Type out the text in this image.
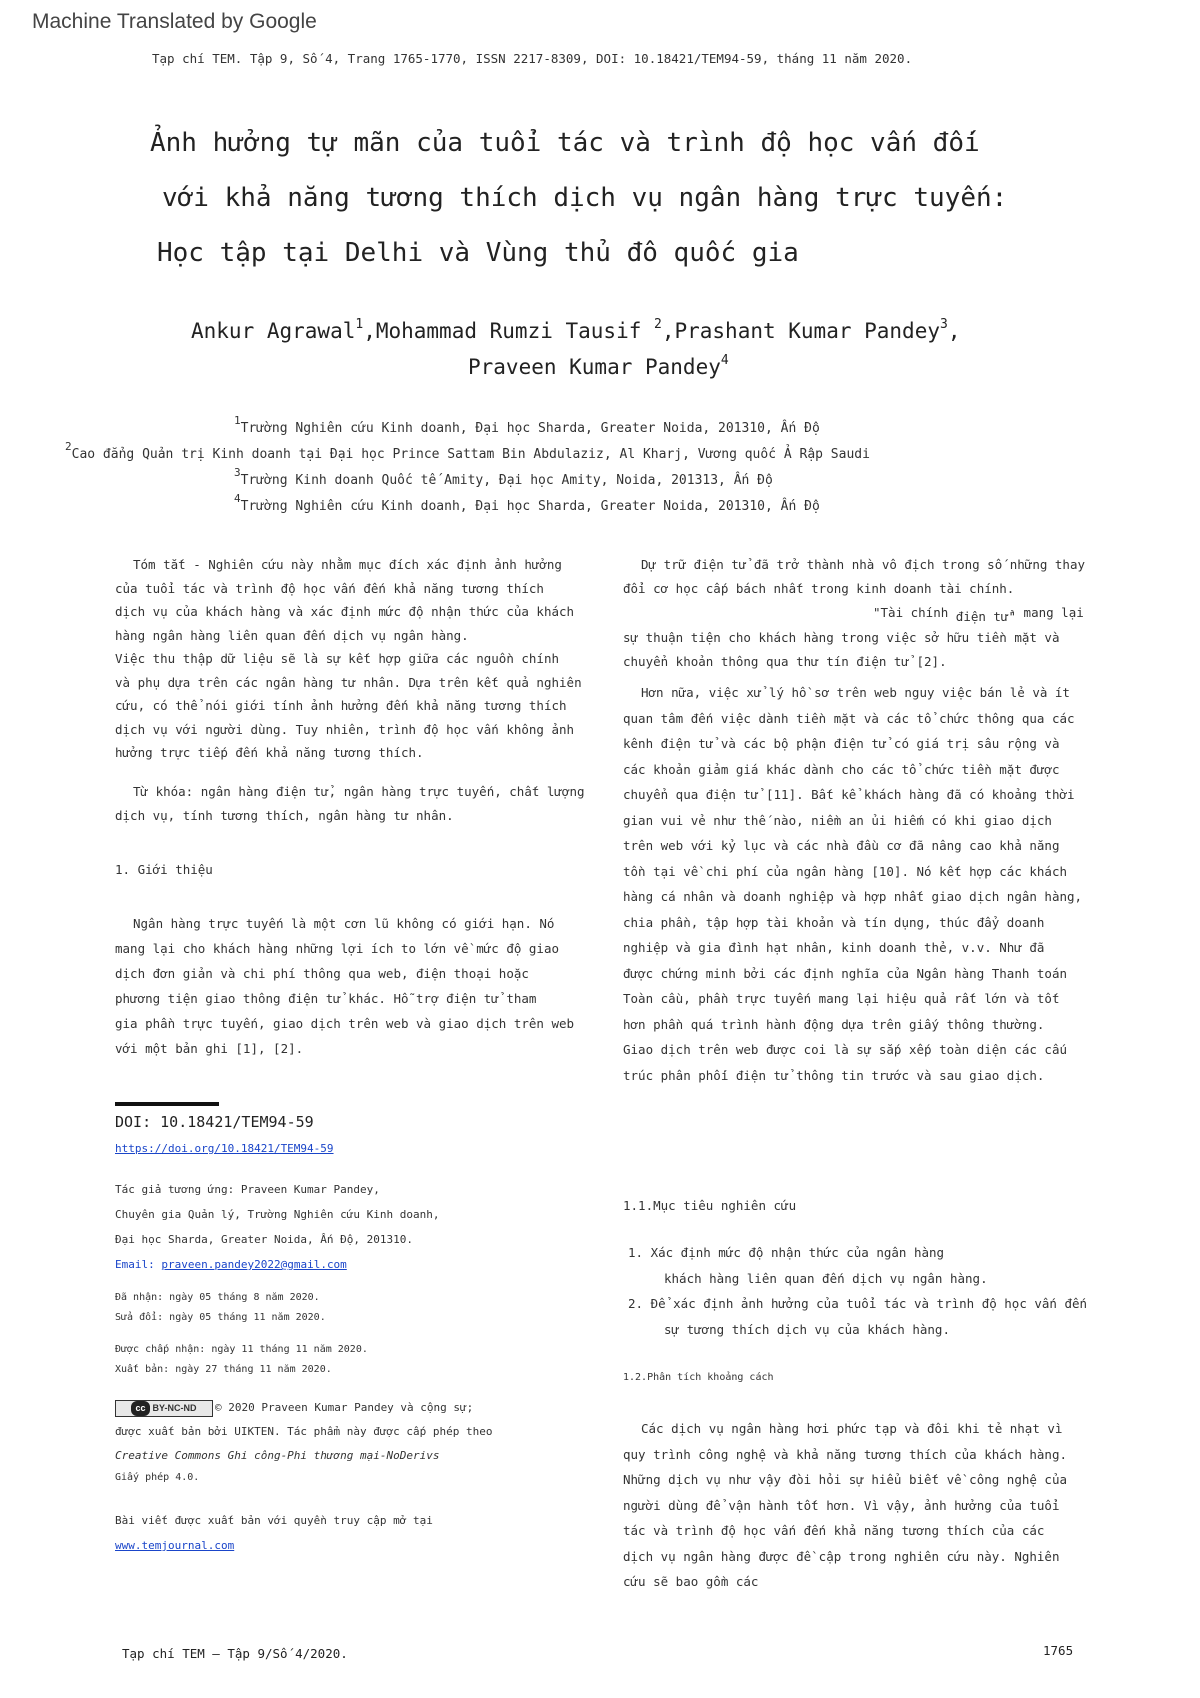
Machine Translated by Google
Tạp chí TEM. Tập 9, Số 4, Trang 1765-1770, ISSN 2217-8309, DOI: 10.18421/TEM94-59, tháng 11 năm 2020.
Ảnh hưởng tự mãn của tuổi tác và trình độ học vấn đối
với khả năng tương thích dịch vụ ngân hàng trực tuyến:
Học tập tại Delhi và Vùng thủ đô quốc gia
Ankur Agrawal$^1$,Mohammad Rumzi Tausif $^2$,Prashant Kumar Pandey$^3$,
Praveen Kumar Pandey$^4$
$^1$Trường Nghiên cứu Kinh doanh, Đại học Sharda, Greater Noida, 201310, Ấn Độ
$^2$Cao đẳng Quản trị Kinh doanh tại Đại học Prince Sattam Bin Abdulaziz, Al Kharj, Vương quốc Ả Rập Saudi
$^3$Trường Kinh doanh Quốc tế Amity, Đại học Amity, Noida, 201313, Ấn Độ
$^4$Trường Nghiên cứu Kinh doanh, Đại học Sharda, Greater Noida, 201310, Ấn Độ
Tóm tắt - Nghiên cứu này nhằm mục đích xác định ảnh hưởng
của tuổi tác và trình độ học vấn đến khả năng tương thích
dịch vụ của khách hàng và xác định mức độ nhận thức của khách
hàng ngân hàng liên quan đến dịch vụ ngân hàng.
Việc thu thập dữ liệu sẽ là sự kết hợp giữa các nguồn chính
và phụ dựa trên các ngân hàng tư nhân. Dựa trên kết quả nghiên
cứu, có thể nói giới tính ảnh hưởng đến khả năng tương thích
dịch vụ với người dùng. Tuy nhiên, trình độ học vấn không ảnh
hưởng trực tiếp đến khả năng tương thích.
Từ khóa: ngân hàng điện tử, ngân hàng trực tuyến, chất lượng
dịch vụ, tính tương thích, ngân hàng tư nhân.
1. Giới thiệu
Ngân hàng trực tuyến là một cơn lũ không có giới hạn. Nó
mang lại cho khách hàng những lợi ích to lớn về mức độ giao
dịch đơn giản và chi phí thông qua web, điện thoại hoặc
phương tiện giao thông điện tử khác. Hỗ trợ điện tử tham
gia phần trực tuyến, giao dịch trên web và giao dịch trên web
với một bản ghi [1], [2].
DOI: 10.18421/TEM94-59
https://doi.org/10.18421/TEM94-59
Tác giả tương ứng: Praveen Kumar Pandey,
Chuyên gia Quản lý, Trường Nghiên cứu Kinh doanh,
Đại học Sharda, Greater Noida, Ấn Độ, 201310.
Email: praveen.pandey2022@gmail.com
Đã nhận: ngày 05 tháng 8 năm 2020.
Sửa đổi: ngày 05 tháng 11 năm 2020.
Được chấp nhận: ngày 11 tháng 11 năm 2020.
Xuất bản: ngày 27 tháng 11 năm 2020.
cc BY-NC-ND © 2020 Praveen Kumar Pandey và cộng sự;
được xuất bản bởi UIKTEN. Tác phẩm này được cấp phép theo
Creative Commons Ghi công-Phi thương mại-NoDerivs
Giấy phép 4.0.
Bài viết được xuất bản với quyền truy cập mở tại
www.temjournal.com
Dự trữ điện tử đã trở thành nhà vô địch trong số những thay
đổi cơ học cấp bách nhất trong kinh doanh tài chính.
"Tài chính điện tử" mang lại
sự thuận tiện cho khách hàng trong việc sở hữu tiền mặt và
chuyển khoản thông qua thư tín điện tử [2].
Hơn nữa, việc xử lý hồ sơ trên web nguy việc bán lẻ và ít
quan tâm đến việc dành tiền mặt và các tổ chức thông qua các
kênh điện tử và các bộ phận điện tử có giá trị sâu rộng và
các khoản giảm giá khác dành cho các tổ chức tiền mặt được
chuyển qua điện tử [11]. Bất kể khách hàng đã có khoảng thời
gian vui vẻ như thế nào, niềm an ủi hiếm có khi giao dịch
trên web với kỷ lục và các nhà đầu cơ đã nâng cao khả năng
tồn tại về chi phí của ngân hàng [10]. Nó kết hợp các khách
hàng cá nhân và doanh nghiệp và hợp nhất giao dịch ngân hàng,
chia phần, tập hợp tài khoản và tín dụng, thúc đẩy doanh
nghiệp và gia đình hạt nhân, kinh doanh thẻ, v.v. Như đã
được chứng minh bởi các định nghĩa của Ngân hàng Thanh toán
Toàn cầu, phần trực tuyến mang lại hiệu quả rất lớn và tốt
hơn phần quá trình hành động dựa trên giấy thông thường.
Giao dịch trên web được coi là sự sắp xếp toàn diện các cấu
trúc phân phối điện tử thông tin trước và sau giao dịch.
1.1.Mục tiêu nghiên cứu
1. Xác định mức độ nhận thức của ngân hàng
khách hàng liên quan đến dịch vụ ngân hàng.
2. Để xác định ảnh hưởng của tuổi tác và trình độ học vấn đến
sự tương thích dịch vụ của khách hàng.
1.2.Phân tích khoảng cách
Các dịch vụ ngân hàng hơi phức tạp và đôi khi tẻ nhạt vì
quy trình công nghệ và khả năng tương thích của khách hàng.
Những dịch vụ như vậy đòi hỏi sự hiểu biết về công nghệ của
người dùng để vận hành tốt hơn. Vì vậy, ảnh hưởng của tuổi
tác và trình độ học vấn đến khả năng tương thích của các
dịch vụ ngân hàng được đề cập trong nghiên cứu này. Nghiên
cứu sẽ bao gồm các
Tạp chí TEM – Tập 9/Số 4/2020.	1765
